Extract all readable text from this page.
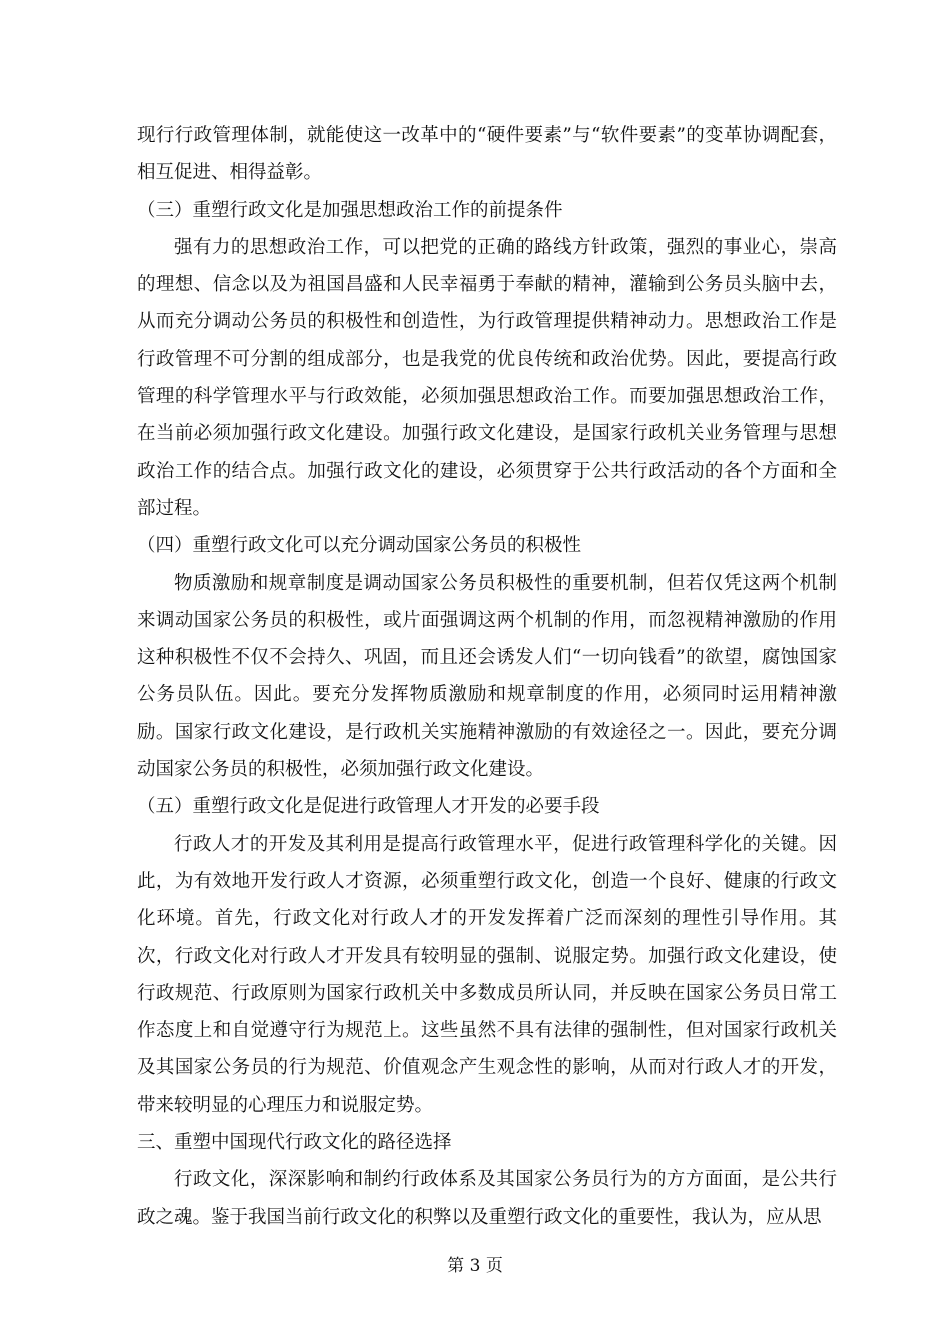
现行行政管理体制，就能使这一改革中的“硬件要素”与“软件要素”的变革协调配套，相互促进、相得益彰。

（三）重塑行政文化是加强思想政治工作的前提条件

强有力的思想政治工作，可以把党的正确的路线方针政策，强烈的事业心，崇高的理想、信念以及为祖国昌盛和人民幸福勇于奉献的精神，灌输到公务员头脑中去，从而充分调动公务员的积极性和创造性，为行政管理提供精神动力。思想政治工作是行政管理不可分割的组成部分，也是我党的优良传统和政治优势。因此，要提高行政管理的科学管理水平与行政效能，必须加强思想政治工作。而要加强思想政治工作，在当前必须加强行政文化建设。加强行政文化建设，是国家行政机关业务管理与思想政治工作的结合点。加强行政文化的建设，必须贯穿于公共行政活动的各个方面和全部过程。

（四）重塑行政文化可以充分调动国家公务员的积极性

物质激励和规章制度是调动国家公务员积极性的重要机制，但若仅凭这两个机制来调动国家公务员的积极性，或片面强调这两个机制的作用，而忽视精神激励的作用这种积极性不仅不会持久、巩固，而且还会诱发人们“一切向钱看”的欲望，腐蚀国家公务员队伍。因此。要充分发挥物质激励和规章制度的作用，必须同时运用精神激励。国家行政文化建设，是行政机关实施精神激励的有效途径之一。因此，要充分调动国家公务员的积极性，必须加强行政文化建设。

（五）重塑行政文化是促进行政管理人才开发的必要手段

行政人才的开发及其利用是提高行政管理水平，促进行政管理科学化的关键。因此，为有效地开发行政人才资源，必须重塑行政文化，创造一个良好、健康的行政文化环境。首先，行政文化对行政人才的开发发挥着广泛而深刻的理性引导作用。其次，行政文化对行政人才开发具有较明显的强制、说服定势。加强行政文化建设，使行政规范、行政原则为国家行政机关中多数成员所认同，并反映在国家公务员日常工作态度上和自觉遵守行为规范上。这些虽然不具有法律的强制性，但对国家行政机关及其国家公务员的行为规范、价值观念产生观念性的影响，从而对行政人才的开发，带来较明显的心理压力和说服定势。

三、重塑中国现代行政文化的路径选择

行政文化，深深影响和制约行政体系及其国家公务员行为的方方面面，是公共行政之魂。鉴于我国当前行政文化的积弊以及重塑行政文化的重要性，我认为，应从思

第 3 页
